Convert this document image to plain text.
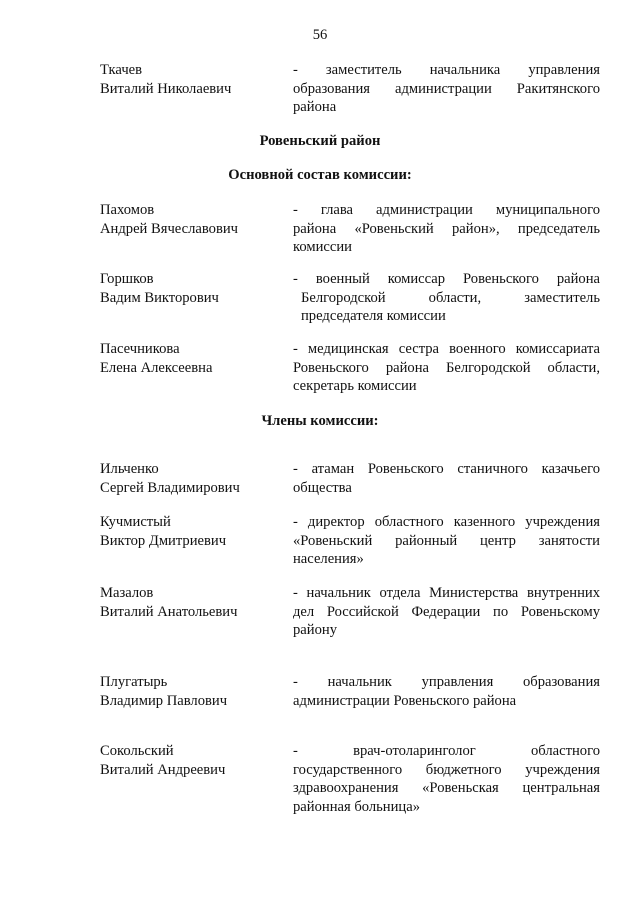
56
Ткачев
Виталий Николаевич
- заместитель начальника управления
образования администрации Ракитянского
района
Ровеньский район
Основной состав комиссии:
Пахомов
Андрей Вячеславович
- глава администрации муниципального
района «Ровеньский район», председатель
комиссии
Горшков
Вадим Викторович
- военный комиссар Ровеньского района
Белгородской области, заместитель
председателя комиссии
Пасечникова
Елена Алексеевна
- медицинская сестра военного комиссариата
Ровеньского района Белгородской области,
секретарь комиссии
Члены комиссии:
Ильченко
Сергей Владимирович
- атаман Ровеньского станичного казачьего
общества
Кучмистый
Виктор Дмитриевич
- директор областного казенного учреждения
«Ровеньский районный центр занятости
населения»
Мазалов
Виталий Анатольевич
- начальник отдела Министерства внутренних
дел Российской Федерации по Ровеньскому
району
Плугатырь
Владимир Павлович
- начальник управления образования
администрации Ровеньского района
Сокольский
Виталий Андреевич
- врач-отоларинголог областного
государственного бюджетного учреждения
здравоохранения «Ровеньская центральная
районная больница»
